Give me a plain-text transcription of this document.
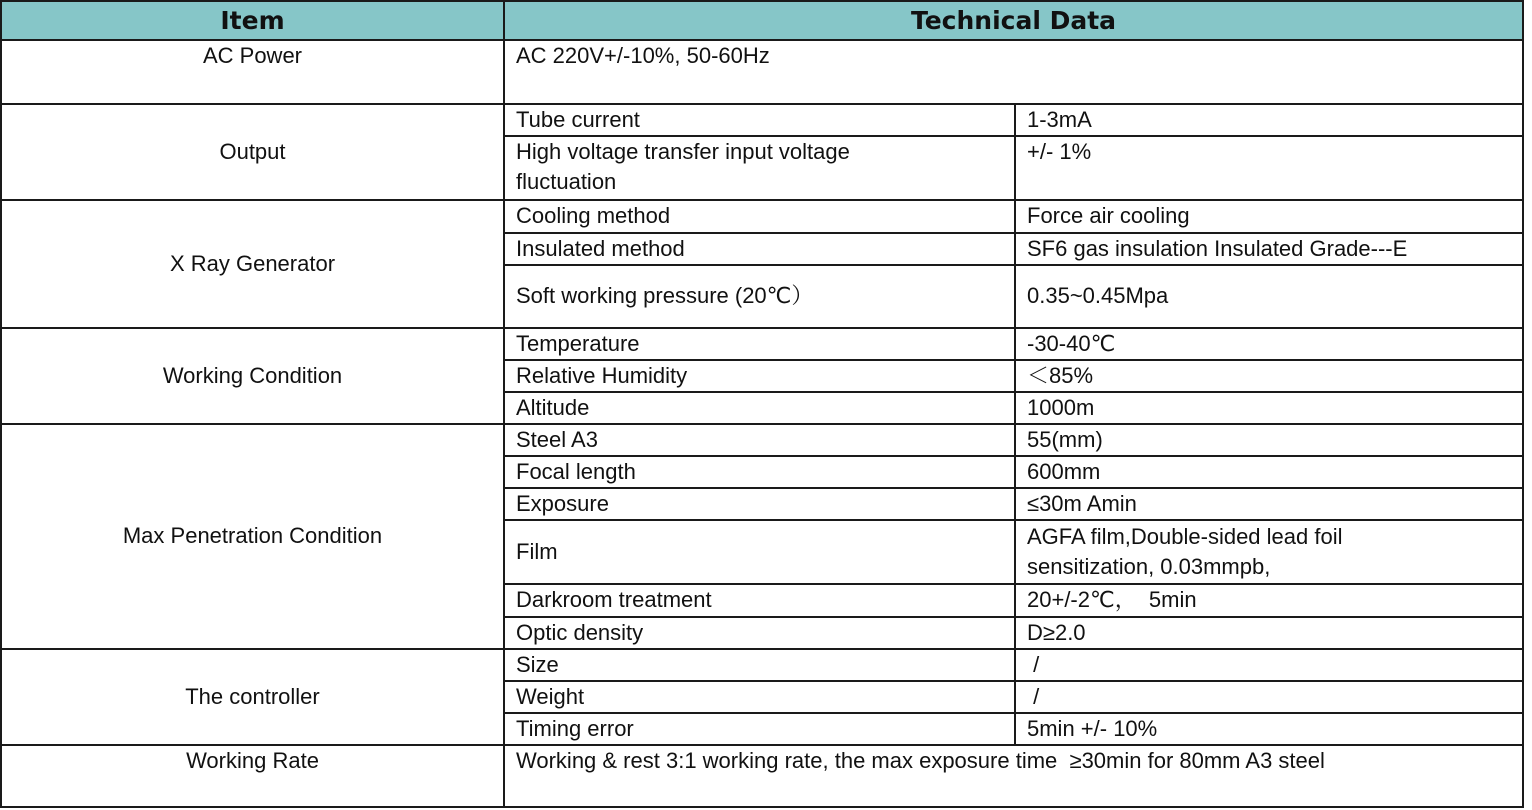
Item	Technical Data	
AC Power	AC 220V+/-10%, 50-60Hz	
Output	Tube current	1-3mA
	High voltage transfer input voltage fluctuation	+/- 1%
X Ray Generator	Cooling method	Force air cooling
	Insulated method	SF6 gas insulation Insulated Grade---E
	Soft working pressure (20℃）	0.35~0.45Mpa
Working Condition	Temperature	-30-40℃
	Relative Humidity	＜85%
	Altitude	1000m
Max Penetration Condition	Steel A3	55(mm)
	Focal length	600mm
	Exposure	≤30m Amin
	Film	AGFA film,Double-sided lead foil sensitization, 0.03mmpb,
	Darkroom treatment	20+/-2℃，  5min
	Optic density	D≥2.0
The controller	Size	/
	Weight	/
	Timing error	5min +/- 10%
Working Rate	Working & rest 3:1 working rate, the max exposure time  ≥30min for 80mm A3 steel	
